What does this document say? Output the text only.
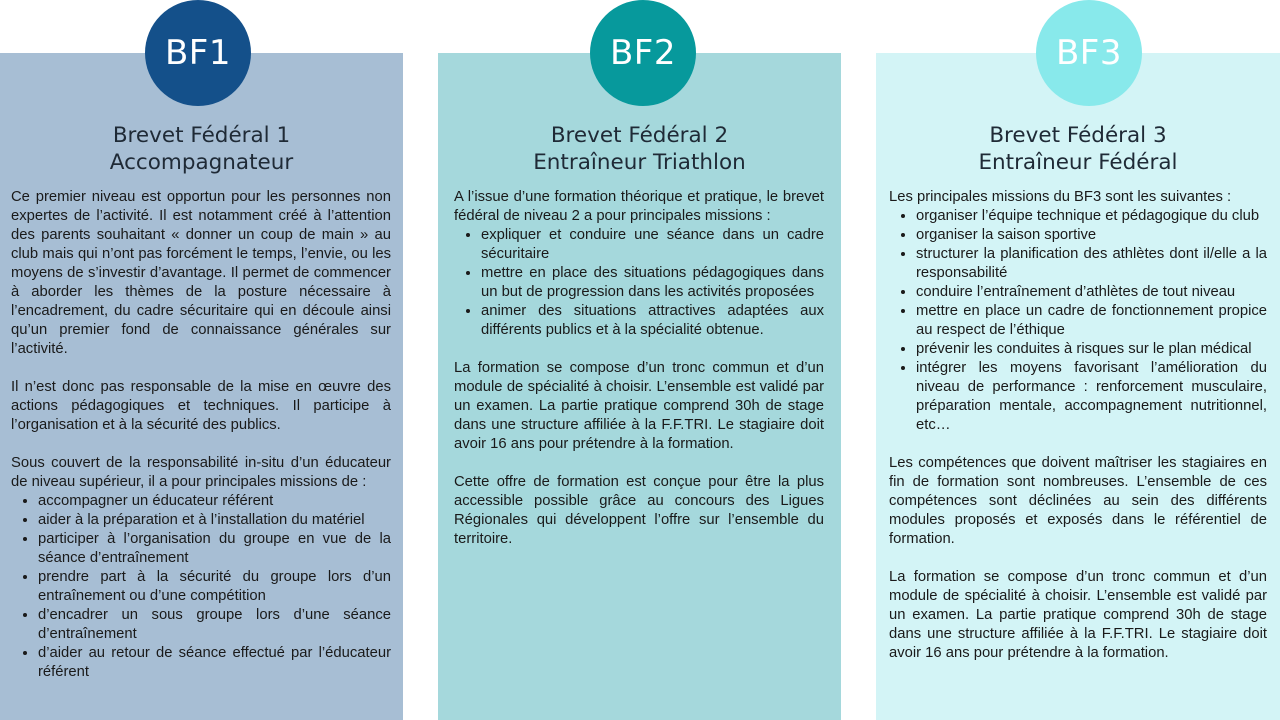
BF1	BF2	BF3
Brevet Fédéral 1
Accompagnateur
Brevet Fédéral 2
Entraîneur Triathlon
Brevet Fédéral 3
Entraîneur Fédéral

Ce premier niveau est opportun pour les personnes non expertes de l’activité. Il est notamment créé à l’attention des parents souhaitant « donner un coup de main » au club mais qui n’ont pas forcément le temps, l’envie, ou les moyens de s’investir d’avantage. Il permet de commencer à aborder les thèmes de la posture nécessaire à l’encadrement, du cadre sécuritaire qui en découle ainsi qu’un premier fond de connaissance générales sur l’activité.

Il n’est donc pas responsable de la mise en œuvre des actions pédagogiques et techniques. Il participe à l’organisation et à la sécurité des publics.

Sous couvert de la responsabilité in-situ d’un éducateur de niveau supérieur, il a pour principales missions de :

• accompagner un éducateur référent
• aider à la préparation et à l’installation du matériel
• participer à l’organisation du groupe en vue de la séance d’entraînement
• prendre part à la sécurité du groupe lors d’un entraînement ou d’une compétition
• d’encadrer un sous groupe lors d’une séance d’entraînement
• d’aider au retour de séance effectué par l’éducateur référent

A l’issue d’une formation théorique et pratique, le brevet fédéral de niveau 2 a pour principales missions :

• expliquer et conduire une séance dans un cadre sécuritaire
• mettre en place des situations pédagogiques dans un but de progression dans les activités proposées
• animer des situations attractives adaptées aux différents publics et à la spécialité obtenue.

La formation se compose d’un tronc commun et d’un module de spécialité à choisir. L’ensemble est validé par un examen. La partie pratique comprend 30h de stage dans une structure affiliée à la F.F.TRI. Le stagiaire doit avoir 16 ans pour prétendre à la formation.

Cette offre de formation est conçue pour être la plus accessible possible grâce au concours des Ligues Régionales qui développent l’offre sur l’ensemble du territoire.

Les principales missions du BF3 sont les suivantes :

• organiser l’équipe technique et pédagogique du club
• organiser la saison sportive
• structurer la planification des athlètes dont il/elle a la responsabilité
• conduire l’entraînement d’athlètes de tout niveau
• mettre en place un cadre de fonctionnement propice au respect de l’éthique
• prévenir les conduites à risques sur le plan médical
• intégrer les moyens favorisant l’amélioration du niveau de performance : renforcement musculaire, préparation mentale, accompagnement nutritionnel, etc…

Les compétences que doivent maîtriser les stagiaires en fin de formation sont nombreuses. L’ensemble de ces compétences sont déclinées au sein des différents modules proposés et exposés dans le référentiel de formation.

La formation se compose d’un tronc commun et d’un module de spécialité à choisir. L’ensemble est validé par un examen. La partie pratique comprend 30h de stage dans une structure affiliée à la F.F.TRI. Le stagiaire doit avoir 16 ans pour prétendre à la formation.
